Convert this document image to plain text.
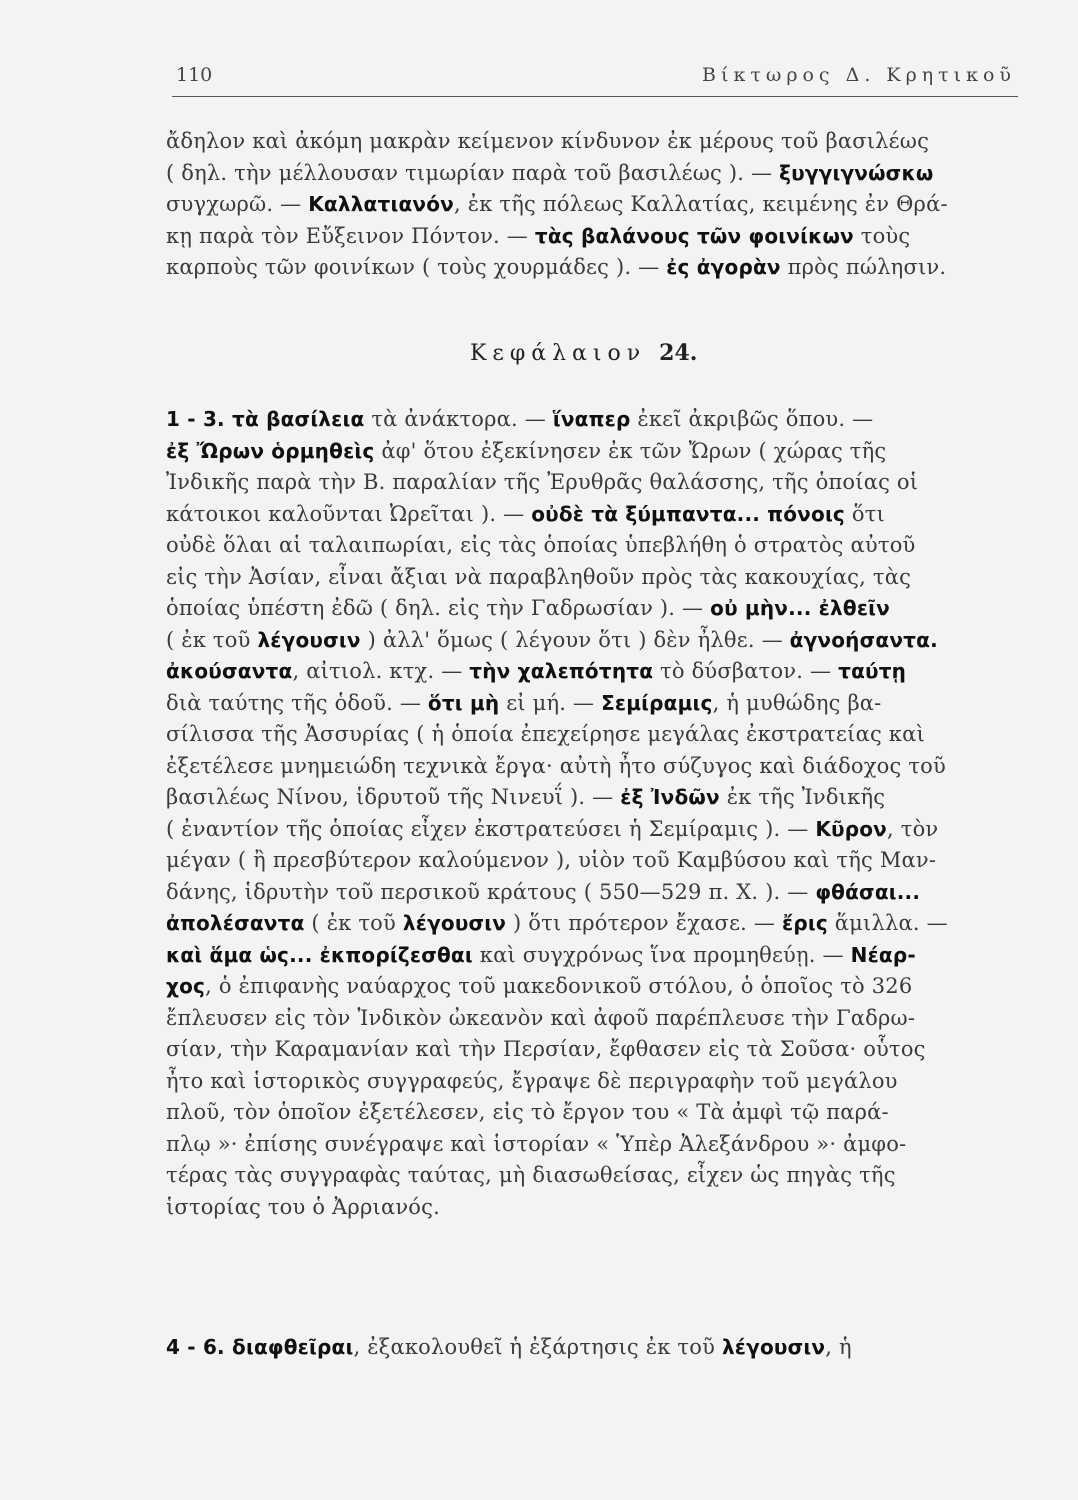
110	Βίκτωρος Δ. Κρητικοῦ
ἄδηλον καὶ ἀκόμη μακρὰν κείμενον κίνδυνον ἐκ μέρους τοῦ βασιλέως
( δηλ. τὴν μέλλουσαν τιμωρίαν παρὰ τοῦ βασιλέως ). — ξυγγιγνώσκω
συγχωρῶ. — Καλλατιανόν, ἐκ τῆς πόλεως Καλλατίας, κειμένης ἐν Θρά-
κῃ παρὰ τὸν Εὔξεινον Πόντον. — τὰς βαλάνους τῶν φοινίκων τοὺς
καρποὺς τῶν φοινίκων ( τοὺς χουρμάδες ). — ἐς ἀγορὰν πρὸς πώλησιν.
Κεφάλαιον 24.
1 - 3. τὰ βασίλεια τὰ ἀνάκτορα. — ἵναπερ ἐκεῖ ἀκριβῶς ὅπου. —
ἐξ Ὤρων ὁρμηθεὶς ἀφ' ὅτου ἐξεκίνησεν ἐκ τῶν Ὤρων ( χώρας τῆς
Ἰνδικῆς παρὰ τὴν Β. παραλίαν τῆς Ἐρυθρᾶς θαλάσσης, τῆς ὁποίας οἱ
κάτοικοι καλοῦνται Ὠρεῖται ). — οὐδὲ τὰ ξύμπαντα... πόνοις ὅτι
οὐδὲ ὅλαι αἱ ταλαιπωρίαι, εἰς τὰς ὁποίας ὑπεβλήθη ὁ στρατὸς αὐτοῦ
εἰς τὴν Ἀσίαν, εἶναι ἄξιαι νὰ παραβληθοῦν πρὸς τὰς κακουχίας, τὰς
ὁποίας ὑπέστη ἐδῶ ( δηλ. εἰς τὴν Γαδρωσίαν ). — οὐ μὴν... ἐλθεῖν
( ἐκ τοῦ λέγουσιν ) ἀλλ' ὅμως ( λέγουν ὅτι ) δὲν ἦλθε. — ἀγνοήσαντα.
ἀκούσαντα, αἰτιολ. κτχ. — τὴν χαλεπότητα τὸ δύσβατον. — ταύτῃ
διὰ ταύτης τῆς ὁδοῦ. — ὅτι μὴ εἰ μή. — Σεμίραμις, ἡ μυθώδης βα-
σίλισσα τῆς Ἀσσυρίας ( ἡ ὁποία ἐπεχείρησε μεγάλας ἐκστρατείας καὶ
ἐξετέλεσε μνημειώδη τεχνικὰ ἔργα· αὐτὴ ἦτο σύζυγος καὶ διάδοχος τοῦ
βασιλέως Νίνου, ἱδρυτοῦ τῆς Νινευΐ ). — ἐξ Ἰνδῶν ἐκ τῆς Ἰνδικῆς
( ἐναντίον τῆς ὁποίας εἶχεν ἐκστρατεύσει ἡ Σεμίραμις ). — Κῦρον, τὸν
μέγαν ( ἢ πρεσβύτερον καλούμενον ), υἱὸν τοῦ Καμβύσου καὶ τῆς Μαν-
δάνης, ἱδρυτὴν τοῦ περσικοῦ κράτους ( 550—529 π. Χ. ). — φθάσαι...
ἀπολέσαντα ( ἐκ τοῦ λέγουσιν ) ὅτι πρότερον ἔχασε. — ἔρις ἅμιλλα. —
καὶ ἅμα ὡς... ἐκπορίζεσθαι καὶ συγχρόνως ἵνα προμηθεύῃ. — Νέαρ-
χος, ὁ ἐπιφανὴς ναύαρχος τοῦ μακεδονικοῦ στόλου, ὁ ὁποῖος τὸ 326
ἔπλευσεν εἰς τὸν Ἰνδικὸν ὠκεανὸν καὶ ἀφοῦ παρέπλευσε τὴν Γαδρω-
σίαν, τὴν Καραμανίαν καὶ τὴν Περσίαν, ἔφθασεν εἰς τὰ Σοῦσα· οὗτος
ἦτο καὶ ἱστορικὸς συγγραφεύς, ἔγραψε δὲ περιγραφὴν τοῦ μεγάλου
πλοῦ, τὸν ὁποῖον ἐξετέλεσεν, εἰς τὸ ἔργον του « Τὰ ἀμφὶ τῷ παρά-
πλῳ »· ἐπίσης συνέγραψε καὶ ἱστορίαν « Ὑπὲρ Ἀλεξάνδρου »· ἀμφο-
τέρας τὰς συγγραφὰς ταύτας, μὴ διασωθείσας, εἶχεν ὡς πηγὰς τῆς
ἱστορίας του ὁ Ἀρριανός.
4 - 6. διαφθεῖραι, ἐξακολουθεῖ ἡ ἐξάρτησις ἐκ τοῦ λέγουσιν, ἡ
